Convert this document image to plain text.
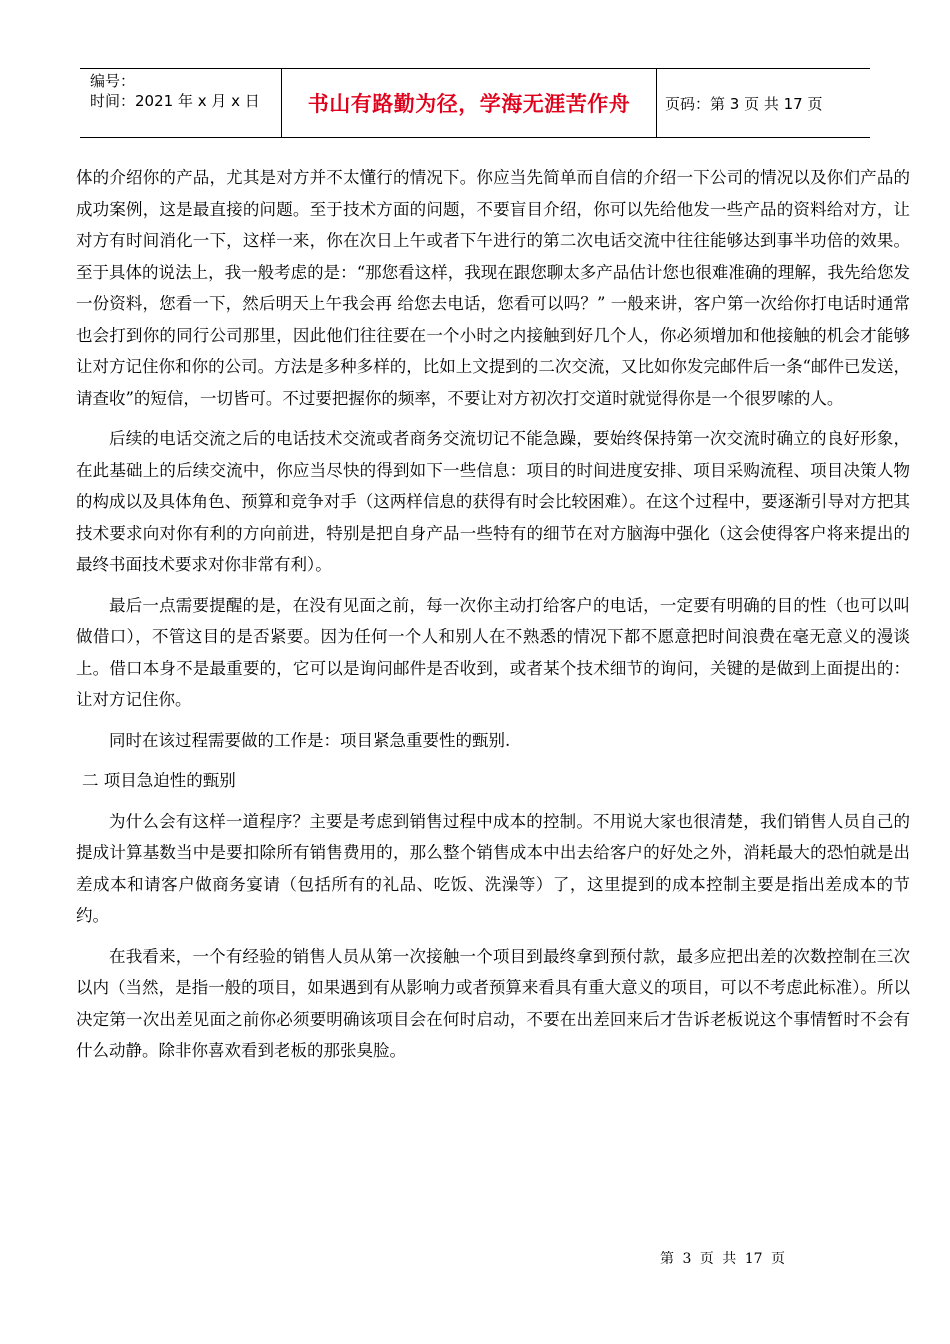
编号：
时间：2021 年 x 月 x 日	书山有路勤为径，学海无涯苦作舟	页码：第 3 页 共 17 页

体的介绍你的产品，尤其是对方并不太懂行的情况下。你应当先简单而自信的介绍一下公司的情况以及你们产品的成功案例，这是最直接的问题。至于技术方面的问题，不要盲目介绍，你可以先给他发一些产品的资料给对方，让对方有时间消化一下，这样一来，你在次日上午或者下午进行的第二次电话交流中往往能够达到事半功倍的效果。至于具体的说法上，我一般考虑的是：“那您看这样，我现在跟您聊太多产品估计您也很难准确的理解，我先给您发一份资料，您看一下，然后明天上午我会再 给您去电话，您看可以吗？” 一般来讲，客户第一次给你打电话时通常也会打到你的同行公司那里，因此他们往往要在一个小时之内接触到好几个人，你必须增加和他接触的机会才能够让对方记住你和你的公司。方法是多种多样的，比如上文提到的二次交流，又比如你发完邮件后一条“邮件已发送，请查收”的短信，一切皆可。不过要把握你的频率，不要让对方初次打交道时就觉得你是一个很罗嗦的人。

后续的电话交流之后的电话技术交流或者商务交流切记不能急躁，要始终保持第一次交流时确立的良好形象，在此基础上的后续交流中，你应当尽快的得到如下一些信息：项目的时间进度安排、项目采购流程、项目决策人物的构成以及具体角色、预算和竞争对手（这两样信息的获得有时会比较困难）。在这个过程中，要逐渐引导对方把其技术要求向对你有利的方向前进，特别是把自身产品一些特有的细节在对方脑海中强化（这会使得客户将来提出的最终书面技术要求对你非常有利）。

最后一点需要提醒的是，在没有见面之前，每一次你主动打给客户的电话，一定要有明确的目的性（也可以叫做借口），不管这目的是否紧要。因为任何一个人和别人在不熟悉的情况下都不愿意把时间浪费在毫无意义的漫谈上。借口本身不是最重要的，它可以是询问邮件是否收到，或者某个技术细节的询问，关键的是做到上面提出的：让对方记住你。

同时在该过程需要做的工作是：项目紧急重要性的甄别.

二 项目急迫性的甄别

为什么会有这样一道程序？主要是考虑到销售过程中成本的控制。不用说大家也很清楚，我们销售人员自己的提成计算基数当中是要扣除所有销售费用的，那么整个销售成本中出去给客户的好处之外，消耗最大的恐怕就是出差成本和请客户做商务宴请（包括所有的礼品、吃饭、洗澡等）了，这里提到的成本控制主要是指出差成本的节约。

在我看来，一个有经验的销售人员从第一次接触一个项目到最终拿到预付款，最多应把出差的次数控制在三次以内（当然，是指一般的项目，如果遇到有从影响力或者预算来看具有重大意义的项目，可以不考虑此标准）。所以决定第一次出差见面之前你必须要明确该项目会在何时启动，不要在出差回来后才告诉老板说这个事情暂时不会有什么动静。除非你喜欢看到老板的那张臭脸。

第 3 页 共 17 页
